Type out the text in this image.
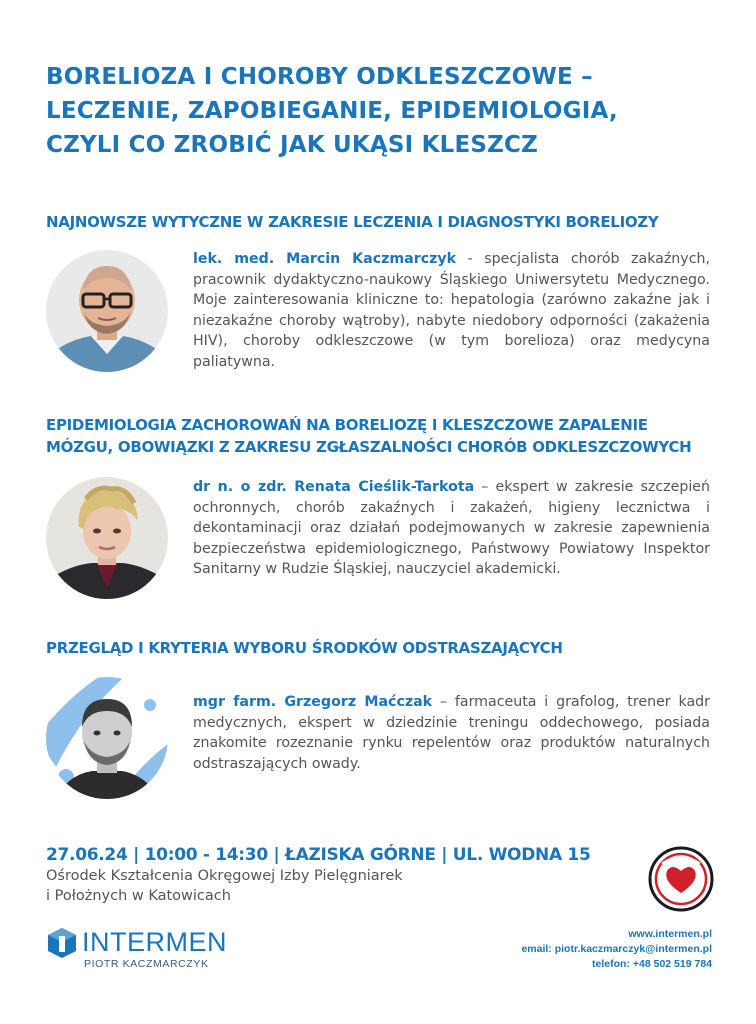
BORELIOZA I CHOROBY ODKLESZCZOWE –
LECZENIE, ZAPOBIEGANIE, EPIDEMIOLOGIA,
CZYLI CO ZROBIĆ JAK UKĄSI KLESZCZ
NAJNOWSZE WYTYCZNE W ZAKRESIE LECZENIA I DIAGNOSTYKI BORELIOZY
lek. med. Marcin Kaczmarczyk - specjalista chorób zakaźnych, pracownik dydaktyczno-naukowy Śląskiego Uniwersytetu Medycznego. Moje zainteresowania kliniczne to: hepatologia (zarówno zakaźne jak i niezakaźne choroby wątroby), nabyte niedobory odporności (zakażenia HIV), choroby odkleszczowe (w tym borelioza) oraz medycyna paliatywna.
EPIDEMIOLOGIA ZACHOROWAŃ NA BORELIOZĘ I KLESZCZOWE ZAPALENIE
MÓZGU, OBOWIĄZKI Z ZAKRESU ZGŁASZALNOŚCI CHORÓB ODKLESZCZOWYCH
dr n. o zdr. Renata Cieślik-Tarkota – ekspert w zakresie szczepień ochronnych, chorób zakaźnych i zakażeń, higieny lecznictwa i dekontaminacji oraz działań podejmowanych w zakresie zapewnienia bezpieczeństwa epidemiologicznego, Państwowy Powiatowy Inspektor Sanitarny w Rudzie Śląskiej, nauczyciel akademicki.
PRZEGLĄD I KRYTERIA WYBORU ŚRODKÓW ODSTRASZAJĄCYCH
mgr farm. Grzegorz Maćczak – farmaceuta i grafolog, trener kadr medycznych, ekspert w dziedzinie treningu oddechowego, posiada znakomite rozeznanie rynku repelentów oraz produktów naturalnych odstraszających owady.
27.06.24 | 10:00 - 14:30 | ŁAZISKA GÓRNE | UL. WODNA 15
Ośrodek Kształcenia Okręgowej Izby Pielęgniarek
i Położnych w Katowicach
INTERMEN
PIOTR KACZMARCZYK
www.intermen.pl
email: piotr.kaczmarczyk@intermen.pl
telefon: +48 502 519 784
